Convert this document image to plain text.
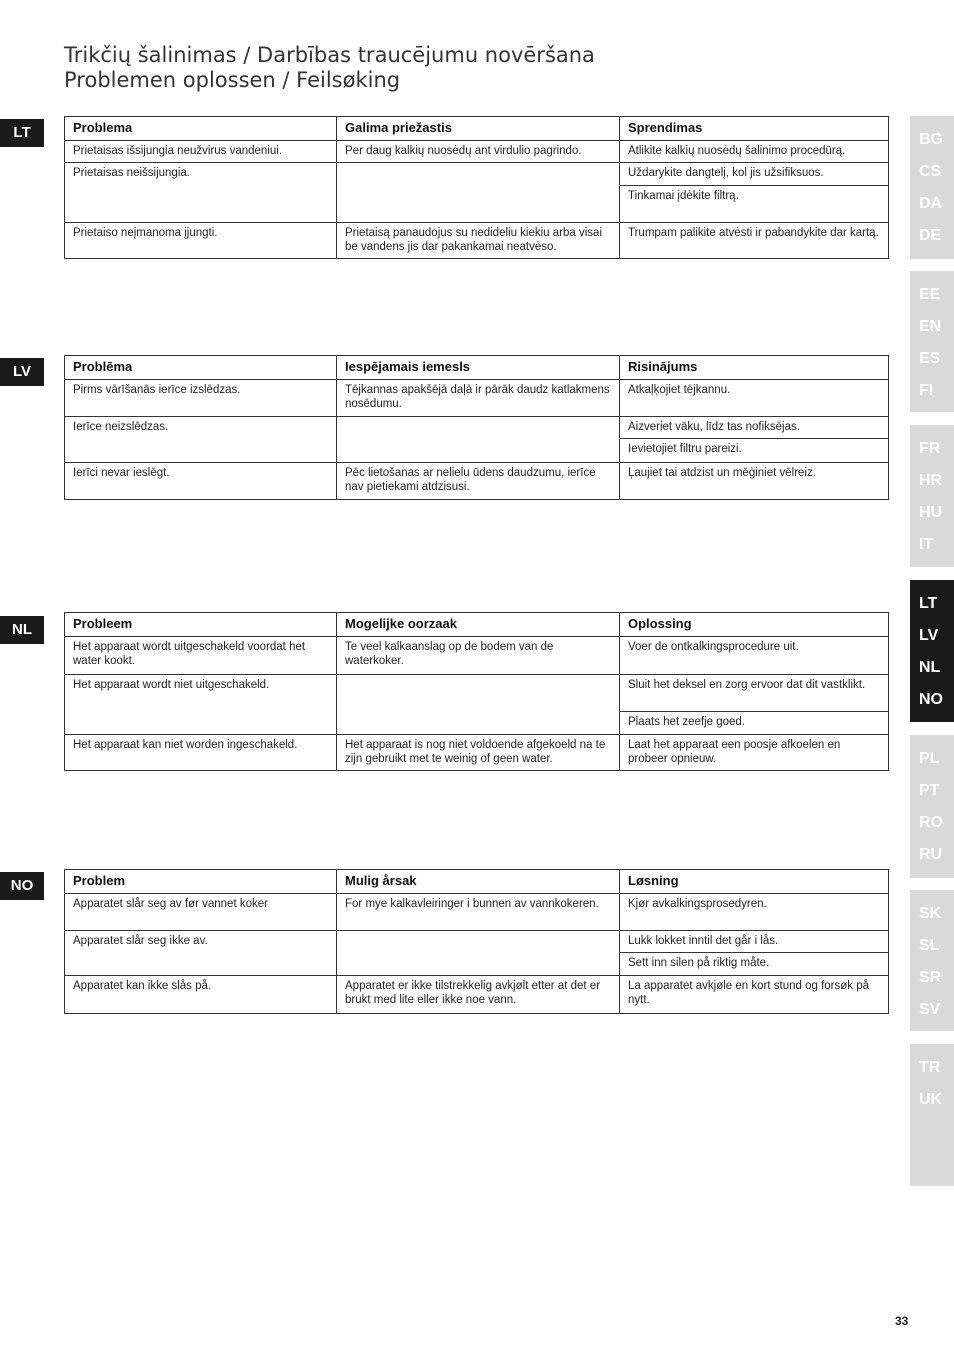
Trikčių šalinimas / Darbības traucējumu novēršana
Problemen oplossen / Feilsøking
LT	Problema	Galima priežastis	Sprendimas
Prietaisas išsijungia neužvirus vandeniui.	Per daug kalkių nuosėdų ant virdulio pagrindo.	Atlikite kalkių nuosėdų šalinimo procedūrą.
Prietaisas neišsijungia.		Uždarykite dangtelį, kol jis užsifiksuos.
		Tinkamai įdėkite filtrą.
Prietaiso neįmanoma įjungti.	Prietaisą panaudojus su nedideliu kiekiu arba visai be vandens jis dar pakankamai neatvėso.	Trumpam palikite atvėsti ir pabandykite dar kartą.
LV	Problēma	Iespējamais iemesls	Risinājums
Pirms vārīšanās ierīce izslēdzas.	Tējkannas apakšējā daļā ir pārāk daudz katlakmens nosēdumu.	Atkaļķojiet tējkannu.
Ierīce neizslēdzas.		Aizveriet vāku, līdz tas nofiksējas.
		Ievietojiet filtru pareizi.
Ierīci nevar ieslēgt.	Pēc lietošanas ar nelielu ūdens daudzumu, ierīce nav pietiekami atdzisusi.	Ļaujiet tai atdzist un mēģiniet vēlreiz.
NL	Probleem	Mogelijke oorzaak	Oplossing
Het apparaat wordt uitgeschakeld voordat het water kookt.	Te veel kalkaanslag op de bodem van de waterkoker.	Voer de ontkalkingsprocedure uit.
Het apparaat wordt niet uitgeschakeld.		Sluit het deksel en zorg ervoor dat dit vastklikt.
		Plaats het zeefje goed.
Het apparaat kan niet worden ingeschakeld.	Het apparaat is nog niet voldoende afgekoeld na te zijn gebruikt met te weinig of geen water.	Laat het apparaat een poosje afkoelen en probeer opnieuw.
NO	Problem	Mulig årsak	Løsning
Apparatet slår seg av før vannet koker	For mye kalkavleiringer i bunnen av vannkokeren.	Kjør avkalkingsprosedyren.
Apparatet slår seg ikke av.		Lukk lokket inntil det går i lås.
		Sett inn silen på riktig måte.
Apparatet kan ikke slås på.	Apparatet er ikke tilstrekkelig avkjølt etter at det er brukt med lite eller ikke noe vann.	La apparatet avkjøle en kort stund og forsøk på nytt.
BG
CS
DA
DE
EE
EN
ES
FI
FR
HR
HU
IT
LT
LV
NL
NO
PL
PT
RO
RU
SK
SL
SR
SV
TR
UK
33
